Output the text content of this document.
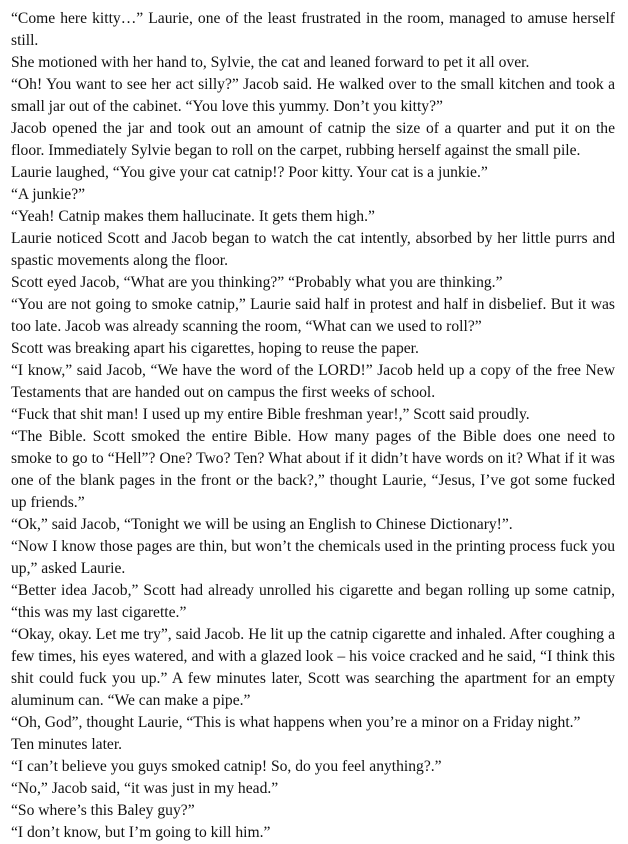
“Come here kitty…” Laurie, one of the least frustrated in the room, managed to amuse herself still.

She motioned with her hand to, Sylvie, the cat and leaned forward to pet it all over.

“Oh! You want to see her act silly?” Jacob said. He walked over to the small kitchen and took a small jar out of the cabinet. “You love this yummy. Don’t you kitty?”

Jacob opened the jar and took out an amount of catnip the size of a quarter and put it on the floor. Immediately Sylvie began to roll on the carpet, rubbing herself against the small pile.

Laurie laughed, “You give your cat catnip!? Poor kitty. Your cat is a junkie.”

“A junkie?”

“Yeah! Catnip makes them hallucinate. It gets them high.”

Laurie noticed Scott and Jacob began to watch the cat intently, absorbed by her little purrs and spastic movements along the floor.

Scott eyed Jacob, “What are you thinking?” “Probably what you are thinking.”

“You are not going to smoke catnip,” Laurie said half in protest and half in disbelief. But it was too late. Jacob was already scanning the room, “What can we used to roll?”

Scott was breaking apart his cigarettes, hoping to reuse the paper.

“I know,” said Jacob, “We have the word of the LORD!” Jacob held up a copy of the free New Testaments that are handed out on campus the first weeks of school.

“Fuck that shit man! I used up my entire Bible freshman year!,” Scott said proudly.

“The Bible. Scott smoked the entire Bible. How many pages of the Bible does one need to smoke to go to “Hell”? One? Two? Ten? What about if it didn’t have words on it? What if it was one of the blank pages in the front or the back?,” thought Laurie, “Jesus, I’ve got some fucked up friends.”

“Ok,” said Jacob, “Tonight we will be using an English to Chinese Dictionary!”.

“Now I know those pages are thin, but won’t the chemicals used in the printing process fuck you up,” asked Laurie.

“Better idea Jacob,” Scott had already unrolled his cigarette and began rolling up some catnip, “this was my last cigarette.”

“Okay, okay. Let me try”, said Jacob. He lit up the catnip cigarette and inhaled. After coughing a few times, his eyes watered, and with a glazed look – his voice cracked and he said, “I think this shit could fuck you up.” A few minutes later, Scott was searching the apartment for an empty aluminum can. “We can make a pipe.”

“Oh, God”, thought Laurie, “This is what happens when you’re a minor on a Friday night.”

Ten minutes later.

“I can’t believe you guys smoked catnip! So, do you feel anything?.”

“No,” Jacob said, “it was just in my head.”

“So where’s this Baley guy?”

“I don’t know, but I’m going to kill him.”
